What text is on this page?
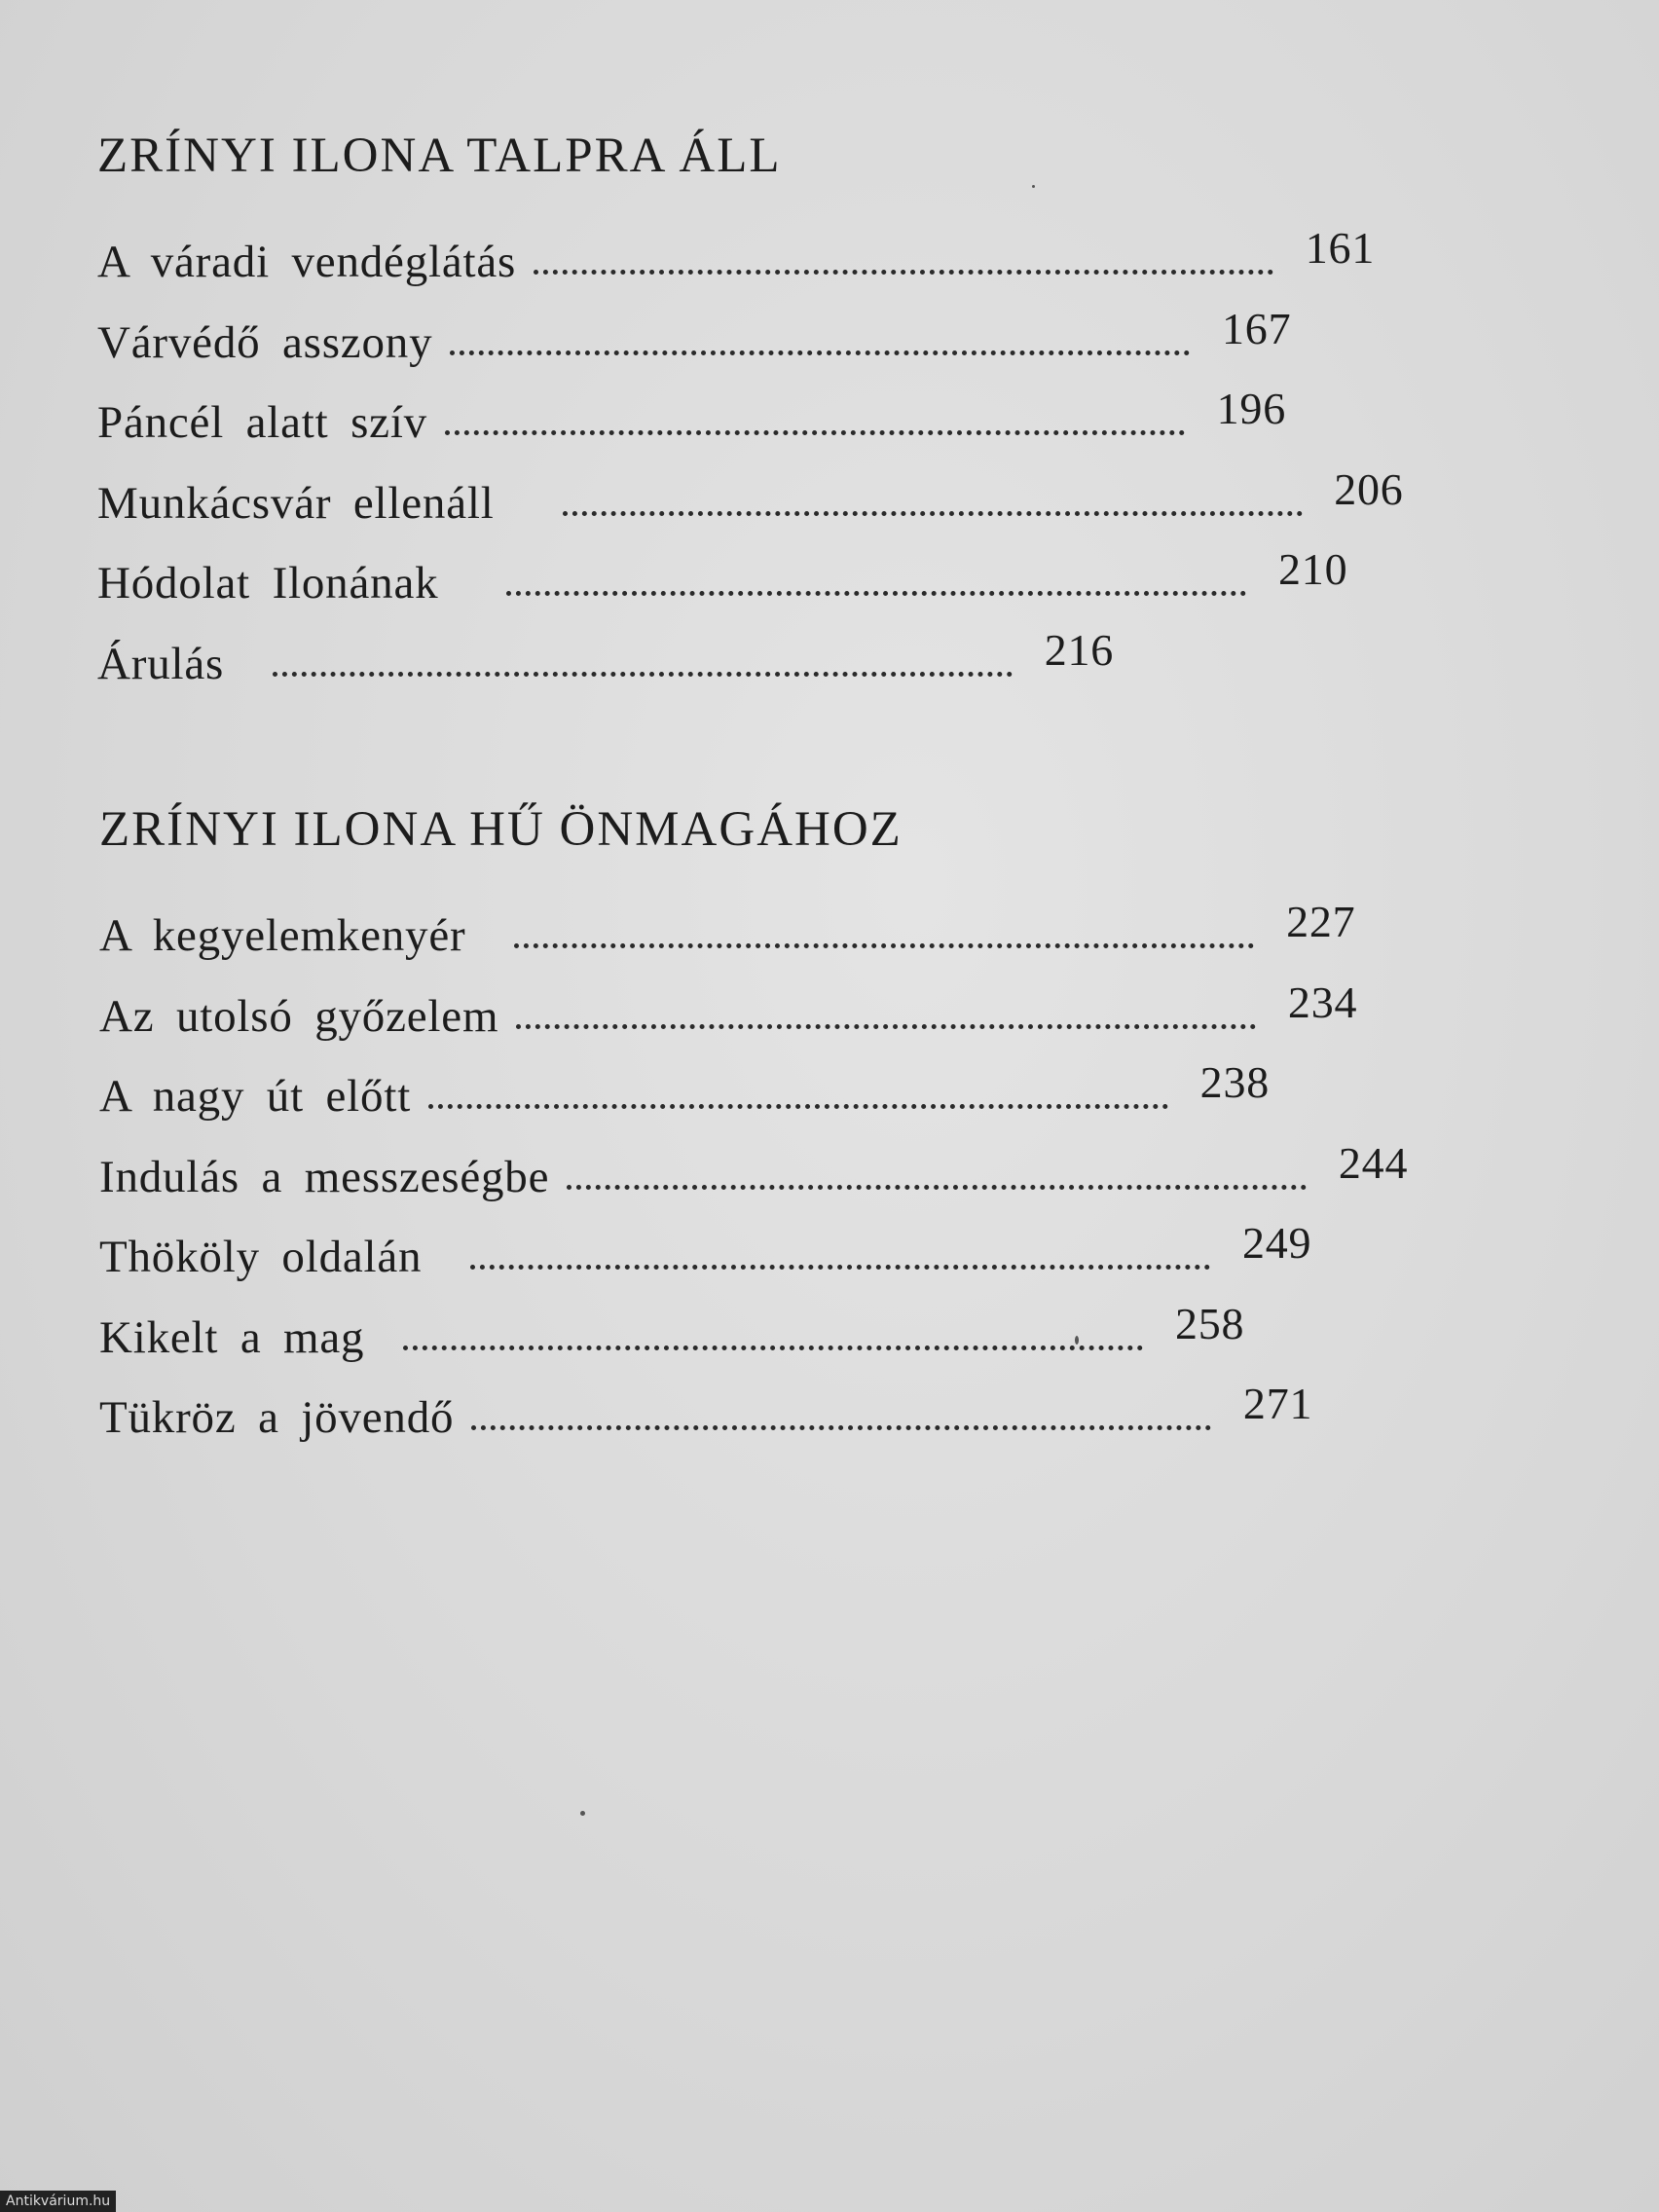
ZRÍNYI ILONA TALPRA ÁLL
A váradi vendéglátás	161
Várvédő asszony	167
Páncél alatt szív	196
Munkácsvár ellenáll	206
Hódolat Ilonának	210
Árulás	216
ZRÍNYI ILONA HŰ ÖNMAGÁHOZ
A kegyelemkenyér	227
Az utolsó győzelem	234
A nagy út előtt	238
Indulás a messzeségbe	244
Thököly oldalán	249
Kikelt a mag	258
Tükröz a jövendő	271
Antikvárium.hu
